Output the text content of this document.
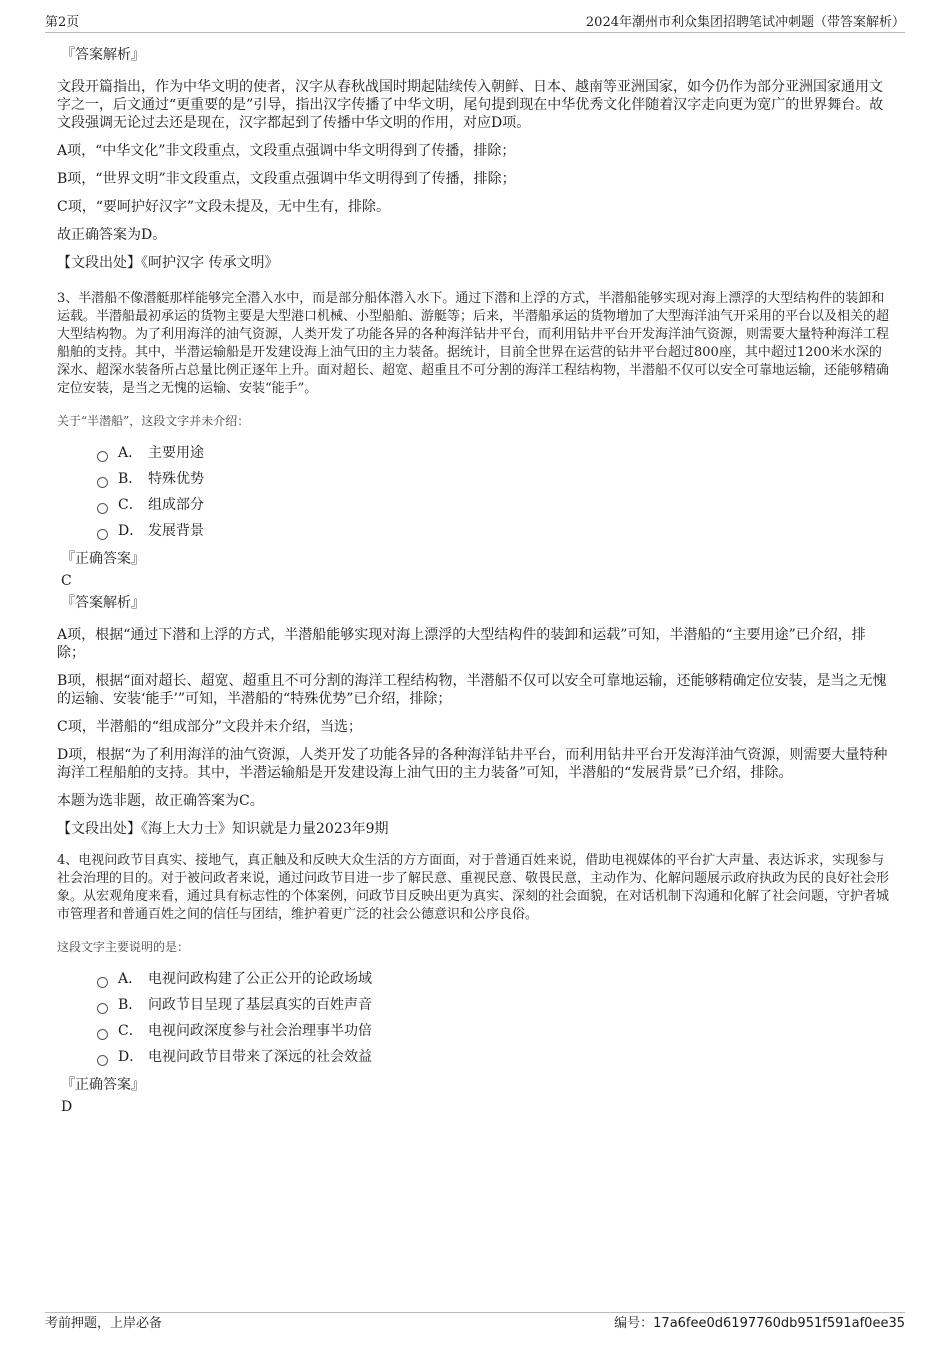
第2页	2024年潮州市利众集团招聘笔试冲刺题（带答案解析）
『答案解析』
文段开篇指出，作为中华文明的使者，汉字从春秋战国时期起陆续传入朝鲜、日本、越南等亚洲国家，如今仍作为部分亚洲国家通用文字之一，后文通过“更重要的是”引导，指出汉字传播了中华文明，尾句提到现在中华优秀文化伴随着汉字走向更为宽广的世界舞台。故文段强调无论过去还是现在，汉字都起到了传播中华文明的作用，对应D项。
A项，“中华文化”非文段重点，文段重点强调中华文明得到了传播，排除；
B项，“世界文明”非文段重点，文段重点强调中华文明得到了传播，排除；
C项，“要呵护好汉字”文段未提及，无中生有，排除。
故正确答案为D。
【文段出处】《呵护汉字 传承文明》
3、半潜船不像潜艇那样能够完全潜入水中，而是部分船体潜入水下。通过下潜和上浮的方式，半潜船能够实现对海上漂浮的大型结构件的装卸和运载。半潜船最初承运的货物主要是大型港口机械、小型船舶、游艇等；后来，半潜船承运的货物增加了大型海洋油气开采用的平台以及相关的超大型结构物。为了利用海洋的油气资源，人类开发了功能各异的各种海洋钻井平台，而利用钻井平台开发海洋油气资源，则需要大量特种海洋工程船舶的支持。其中，半潜运输船是开发建设海上油气田的主力装备。据统计，目前全世界在运营的钻井平台超过800座，其中超过1200米水深的深水、超深水装备所占总量比例正逐年上升。面对超长、超宽、超重且不可分割的海洋工程结构物，半潜船不仅可以安全可靠地运输，还能够精确定位安装，是当之无愧的运输、安装“能手”。
关于“半潜船”，这段文字并未介绍：
A． 主要用途
B． 特殊优势
C． 组成部分
D． 发展背景
『正确答案』
C
『答案解析』
A项，根据“通过下潜和上浮的方式，半潜船能够实现对海上漂浮的大型结构件的装卸和运载”可知，半潜船的“主要用途”已介绍，排除；
B项，根据“面对超长、超宽、超重且不可分割的海洋工程结构物，半潜船不仅可以安全可靠地运输，还能够精确定位安装，是当之无愧的运输、安装‘能手’”可知，半潜船的“特殊优势”已介绍，排除；
C项，半潜船的“组成部分”文段并未介绍，当选；
D项，根据“为了利用海洋的油气资源，人类开发了功能各异的各种海洋钻井平台，而利用钻井平台开发海洋油气资源，则需要大量特种海洋工程船舶的支持。其中，半潜运输船是开发建设海上油气田的主力装备”可知，半潜船的“发展背景”已介绍，排除。
本题为选非题，故正确答案为C。
【文段出处】《海上大力士》知识就是力量2023年9期
4、电视问政节目真实、接地气，真正触及和反映大众生活的方方面面，对于普通百姓来说，借助电视媒体的平台扩大声量、表达诉求，实现参与社会治理的目的。对于被问政者来说，通过问政节目进一步了解民意、重视民意、敬畏民意，主动作为、化解问题展示政府执政为民的良好社会形象。从宏观角度来看，通过具有标志性的个体案例，问政节目反映出更为真实、深刻的社会面貌，在对话机制下沟通和化解了社会问题，守护者城市管理者和普通百姓之间的信任与团结，维护着更广泛的社会公德意识和公序良俗。
这段文字主要说明的是：
A． 电视问政构建了公正公开的论政场域
B． 问政节目呈现了基层真实的百姓声音
C． 电视问政深度参与社会治理事半功倍
D． 电视问政节目带来了深远的社会效益
『正确答案』
D
考前押题，上岸必备	编号：17a6fee0d6197760db951f591af0ee35
